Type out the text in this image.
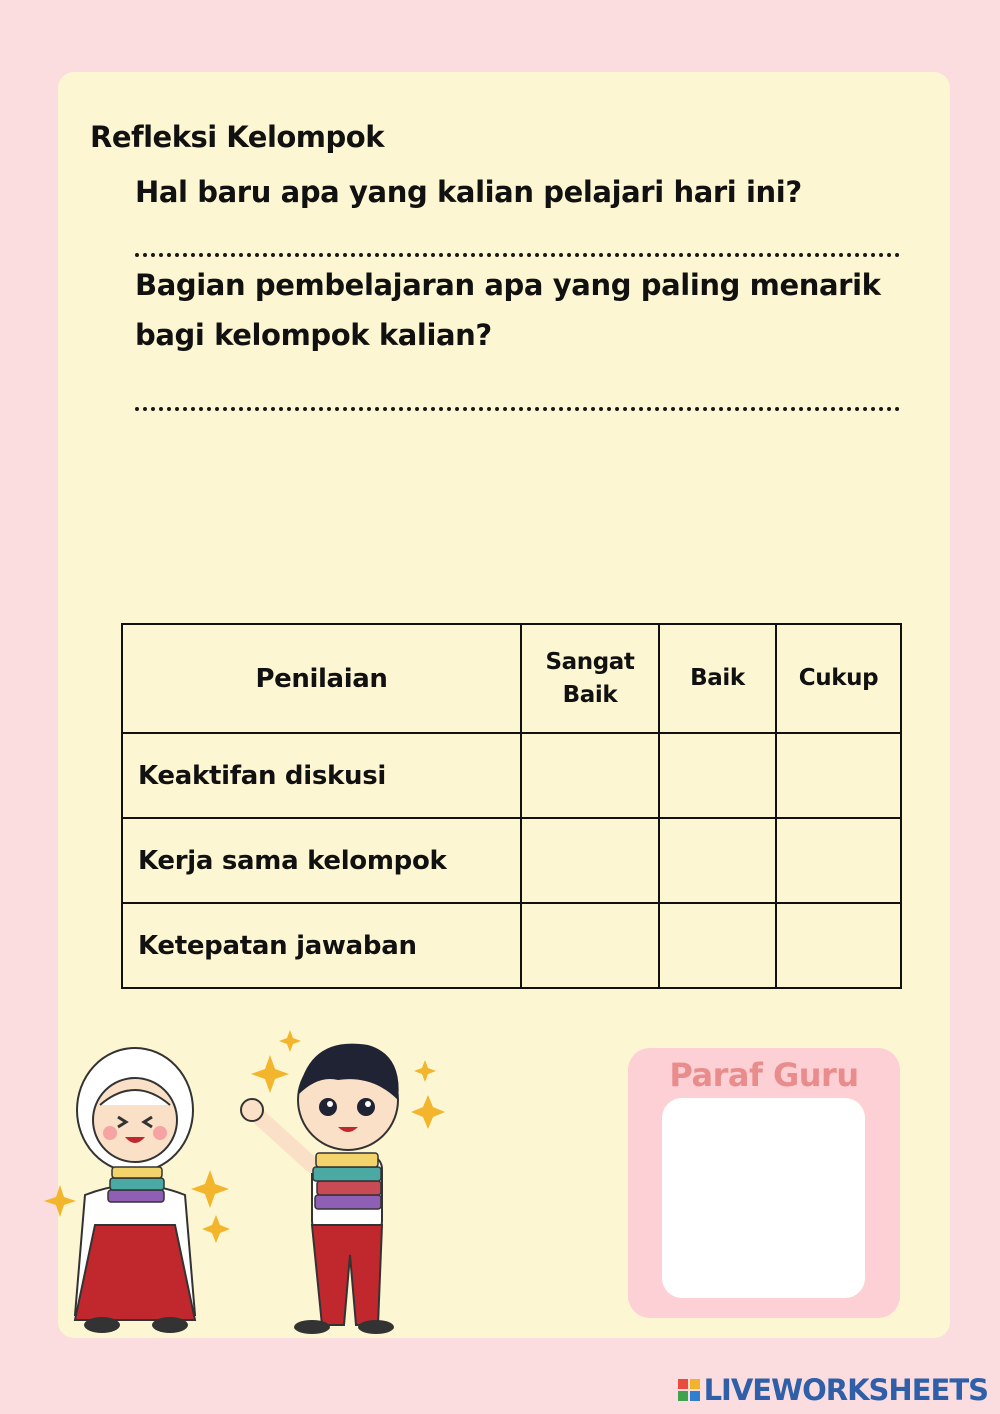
Refleksi Kelompok
Hal baru apa yang kalian pelajari hari ini?
Bagian pembelajaran apa yang paling menarik bagi kelompok kalian?
Penilaian	Sangat Baik	Baik	Cukup
Keaktifan diskusi			
Kerja sama kelompok			
Ketepatan jawaban			
Paraf Guru
LIVEWORKSHEETS
